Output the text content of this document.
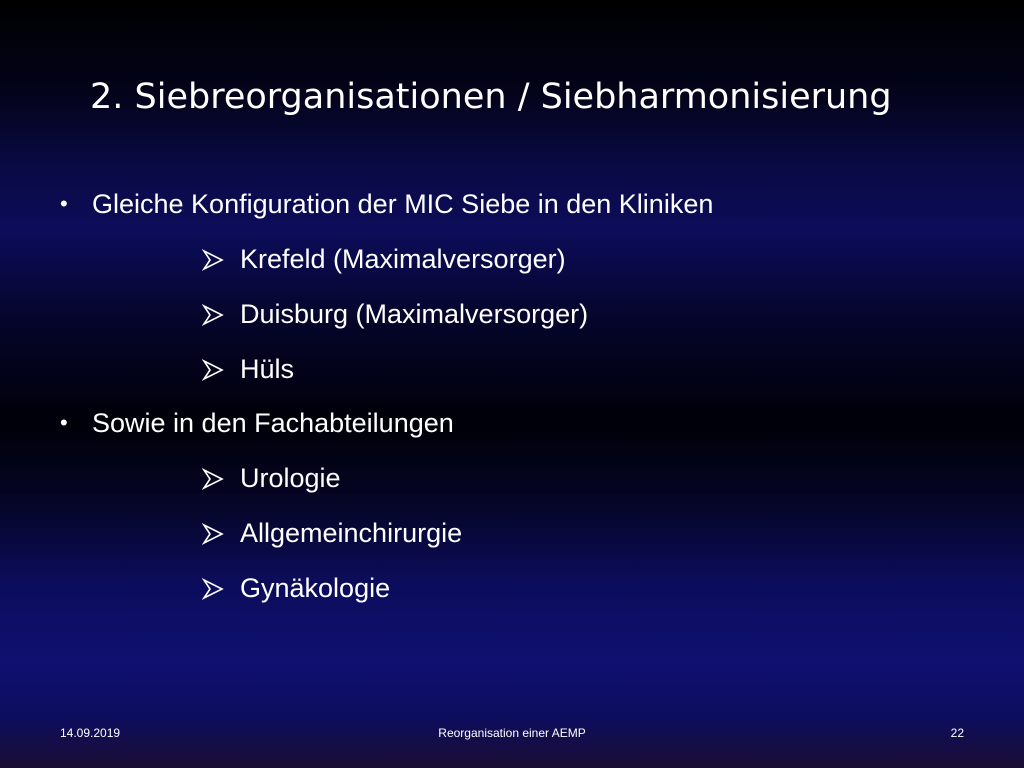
2. Siebreorganisationen / Siebharmonisierung
• Gleiche Konfiguration der MIC Siebe in den Kliniken
Krefeld (Maximalversorger)
Duisburg (Maximalversorger)
Hüls
• Sowie in den Fachabteilungen
Urologie
Allgemeinchirurgie
Gynäkologie
14.09.2019	Reorganisation einer AEMP	22
